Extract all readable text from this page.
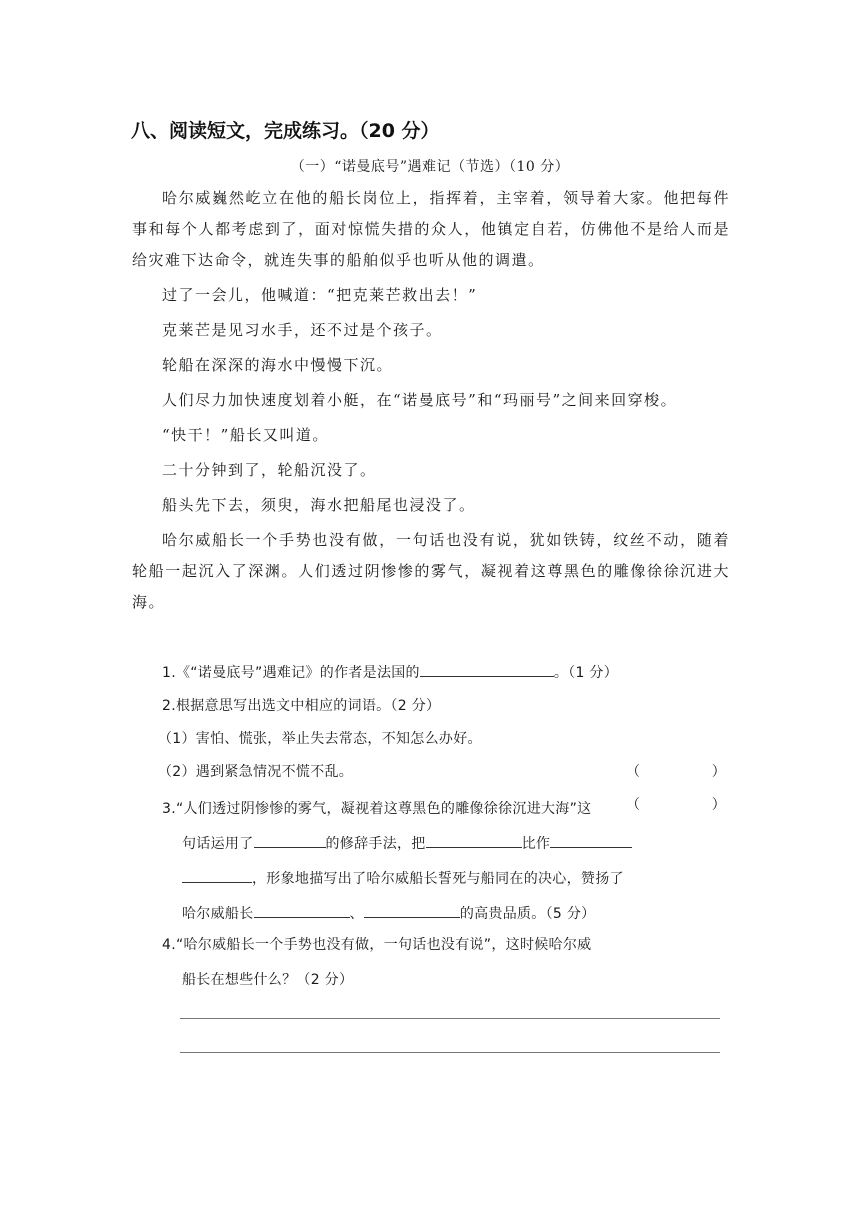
八、阅读短文，完成练习。（20 分）
（一）“诺曼底号”遇难记（节选）（10 分）

哈尔威巍然屹立在他的船长岗位上，指挥着，主宰着，领导着大家。他把每件事和每个人都考虑到了，面对惊慌失措的众人，他镇定自若，仿佛他不是给人而是给灾难下达命令，就连失事的船舶似乎也听从他的调遣。

过了一会儿，他喊道：“把克莱芒救出去！”

克莱芒是见习水手，还不过是个孩子。

轮船在深深的海水中慢慢下沉。

人们尽力加快速度划着小艇，在“诺曼底号”和“玛丽号”之间来回穿梭。

“快干！”船长又叫道。

二十分钟到了，轮船沉没了。

船头先下去，须臾，海水把船尾也浸没了。

哈尔威船长一个手势也没有做，一句话也没有说，犹如铁铸，纹丝不动，随着轮船一起沉入了深渊。人们透过阴惨惨的雾气，凝视着这尊黑色的雕像徐徐沉进大海。

1.《“诺曼底号”遇难记》的作者是法国的	。（1 分）
2.根据意思写出选文中相应的词语。（2 分）
（1）害怕、慌张，举止失去常态，不知怎么办好。
（	）
（2）遇到紧急情况不慌不乱。
（	）
3.“人们透过阴惨惨的雾气，凝视着这尊黑色的雕像徐徐沉进大海”这
句话运用了	的修辞手法，把	比作
，形象地描写出了哈尔威船长誓死与船同在的决心，赞扬了
哈尔威船长	、	的高贵品质。（5 分）
4.“哈尔威船长一个手势也没有做，一句话也没有说”，这时候哈尔威
船长在想些什么？（2 分）
